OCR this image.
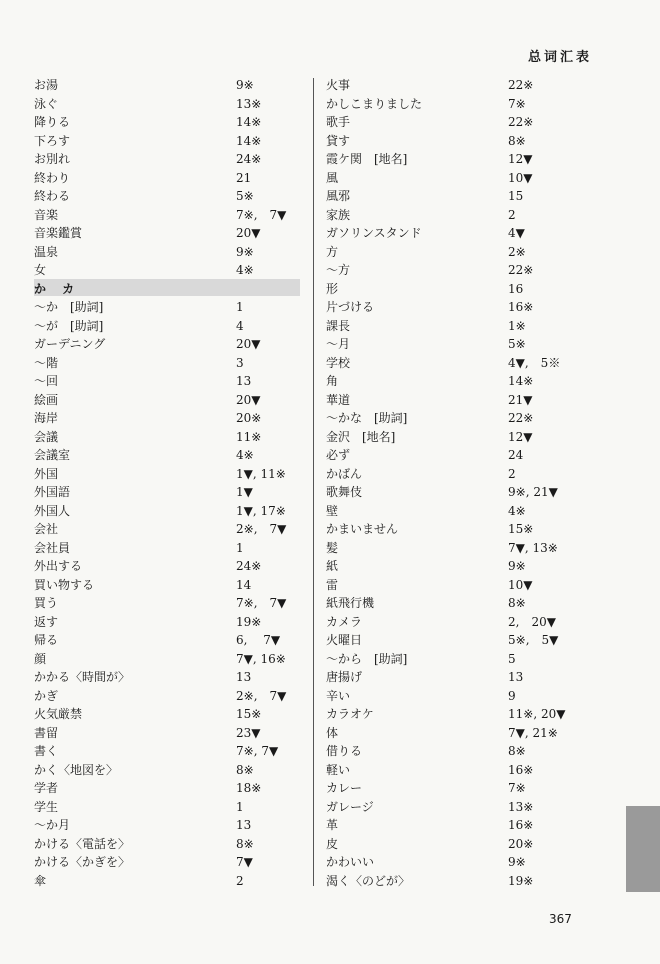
总词汇表
お湯	9※
泳ぐ	13※
降りる	14※
下ろす	14※
お別れ	24※
終わり	21
終わる	5※
音楽	7※,　7▼
音楽鑑賞	20▼
温泉	9※
女	4※
か カ
～か　[助詞]	1
～が　[助詞]	4
ガーデニング	20▼
～階	3
～回	13
絵画	20▼
海岸	20※
会議	11※
会議室	4※
外国	1▼, 11※
外国語	1▼
外国人	1▼, 17※
会社	2※,　7▼
会社員	1
外出する	24※
買い物する	14
買う	7※,　7▼
返す	19※
帰る	6,　 7▼
顔	7▼, 16※
かかる〈時間が〉	13
かぎ	2※,　7▼
火気厳禁	15※
書留	23▼
書く	7※, 7▼
かく〈地図を〉	8※
学者	18※
学生	1
～か月	13
かける〈電話を〉	8※
かける〈かぎを〉	7▼
傘	2
火事	22※
かしこまりました	7※
歌手	22※
貸す	8※
霞ケ関　[地名]	12▼
風	10▼
風邪	15
家族	2
ガソリンスタンド	4▼
方	2※
～方	22※
形	16
片づける	16※
課長	1※
～月	5※
学校	4▼,　5※
角	14※
華道	21▼
～かな　[助詞]	22※
金沢　[地名]	12▼
必ず	24
かばん	2
歌舞伎	9※, 21▼
壁	4※
かまいません	15※
髪	7▼, 13※
紙	9※
雷	10▼
紙飛行機	8※
カメラ	2,　20▼
火曜日	5※,　5▼
～から　[助詞]	5
唐揚げ	13
辛い	9
カラオケ	11※, 20▼
体	7▼, 21※
借りる	8※
軽い	16※
カレー	7※
ガレージ	13※
革	16※
皮	20※
かわいい	9※
渴く〈のどが〉	19※
367
